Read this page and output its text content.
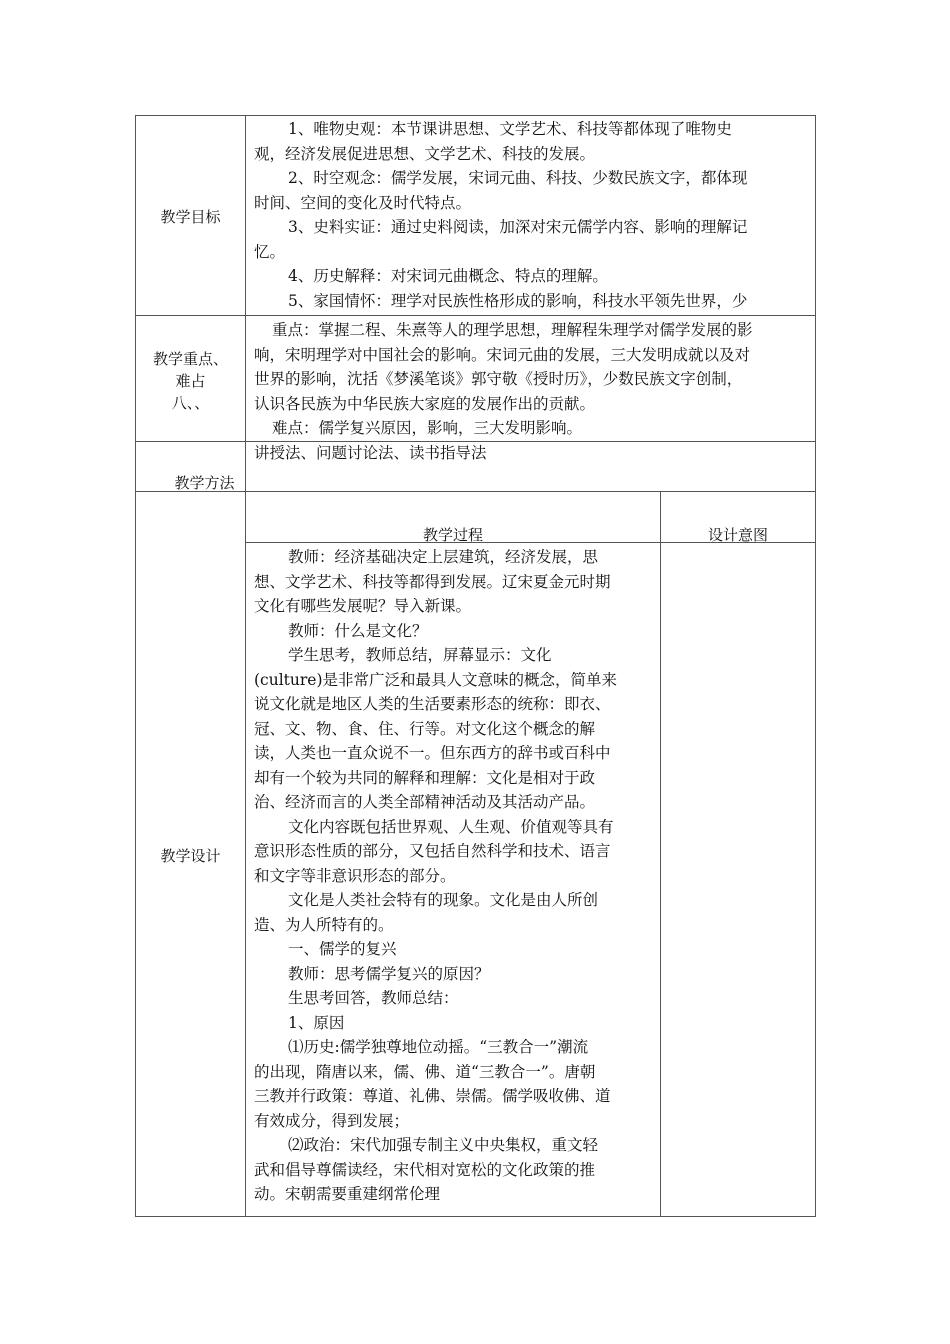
教学目标
1、唯物史观：本节课讲思想、文学艺术、科技等都体现了唯物史
观，经济发展促进思想、文学艺术、科技的发展。
2、时空观念：儒学发展，宋词元曲、科技、少数民族文字，都体现
时间、空间的变化及时代特点。
3、史料实证：通过史料阅读，加深对宋元儒学内容、影响的理解记
忆。
4、历史解释：对宋词元曲概念、特点的理解。
5、家国情怀：理学对民族性格形成的影响，科技水平领先世界，少
教学重点、
难占
八、、
重点：掌握二程、朱熹等人的理学思想，理解程朱理学对儒学发展的影
响，宋明理学对中国社会的影响。宋词元曲的发展，三大发明成就以及对
世界的影响，沈括《梦溪笔谈》郭守敬《授时历》，少数民族文字创制，
认识各民族为中华民族大家庭的发展作出的贡献。
难点：儒学复兴原因，影响，三大发明影响。
教学方法
讲授法、问题讨论法、读书指导法
教学设计
教学过程	设计意图
教师：经济基础决定上层建筑，经济发展，思
想、文学艺术、科技等都得到发展。辽宋夏金元时期
文化有哪些发展呢？导入新课。
教师：什么是文化？
学生思考，教师总结，屏幕显示：文化
(culture)是非常广泛和最具人文意味的概念，简单来
说文化就是地区人类的生活要素形态的统称：即衣、
冠、文、物、食、住、行等。对文化这个概念的解
读，人类也一直众说不一。但东西方的辞书或百科中
却有一个较为共同的解释和理解：文化是相对于政
治、经济而言的人类全部精神活动及其活动产品。
文化内容既包括世界观、人生观、价值观等具有
意识形态性质的部分，又包括自然科学和技术、语言
和文字等非意识形态的部分。
文化是人类社会特有的现象。文化是由人所创
造、为人所特有的。
一、儒学的复兴
教师：思考儒学复兴的原因？
生思考回答，教师总结：
1、原因
⑴历史:儒学独尊地位动摇。“三教合一”潮流
的出现，隋唐以来，儒、佛、道“三教合一”。唐朝
三教并行政策：尊道、礼佛、崇儒。儒学吸收佛、道
有效成分，得到发展；
⑵政治：宋代加强专制主义中央集权，重文轻
武和倡导尊儒读经，宋代相对宽松的文化政策的推
动。宋朝需要重建纲常伦理
